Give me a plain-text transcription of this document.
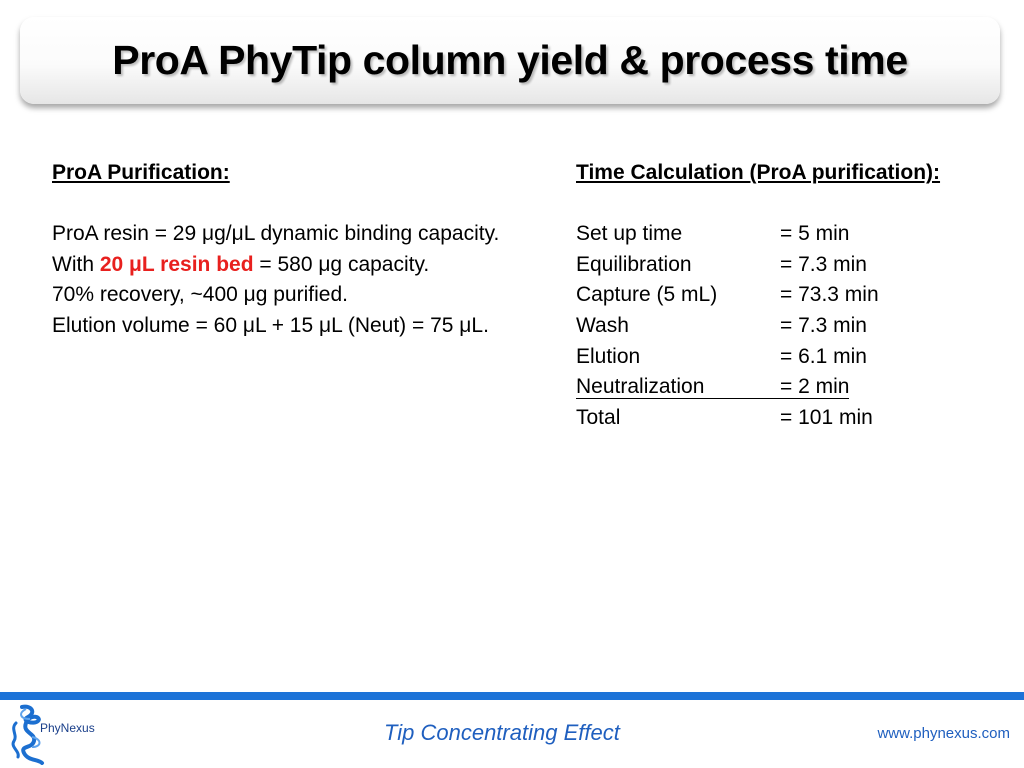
ProA PhyTip column yield & process time
ProA Purification:
ProA resin = 29 μg/μL dynamic binding capacity.
With 20 μL resin bed = 580 μg capacity.
70% recovery, ~400 μg purified.
Elution volume = 60 μL + 15 μL (Neut) = 75 μL.
Time Calculation (ProA purification):
Set up time	= 5 min
Equilibration	= 7.3 min
Capture (5 mL)	= 73.3 min
Wash	= 7.3 min
Elution	= 6.1 min
Neutralization	= 2 min
Total	= 101 min
PhyNexus	Tip Concentrating Effect	www.phynexus.com
